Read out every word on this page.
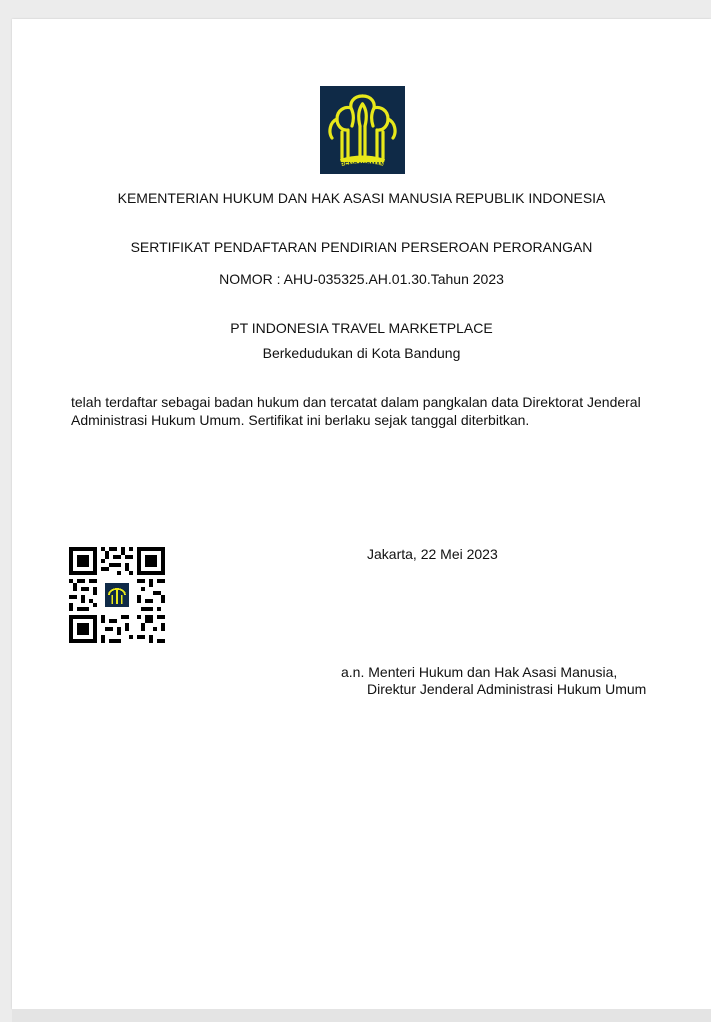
PENGAYOMAN
KEMENTERIAN HUKUM DAN HAK ASASI MANUSIA REPUBLIK INDONESIA
SERTIFIKAT PENDAFTARAN PENDIRIAN PERSEROAN PERORANGAN
NOMOR : AHU-035325.AH.01.30.Tahun 2023
PT INDONESIA TRAVEL MARKETPLACE
Berkedudukan di Kota Bandung
telah terdaftar sebagai badan hukum dan tercatat dalam pangkalan data Direktorat Jenderal Administrasi Hukum Umum. Sertifikat ini berlaku sejak tanggal diterbitkan.
Jakarta, 22 Mei 2023
a.n. Menteri Hukum dan Hak Asasi Manusia,
Direktur Jenderal Administrasi Hukum Umum
